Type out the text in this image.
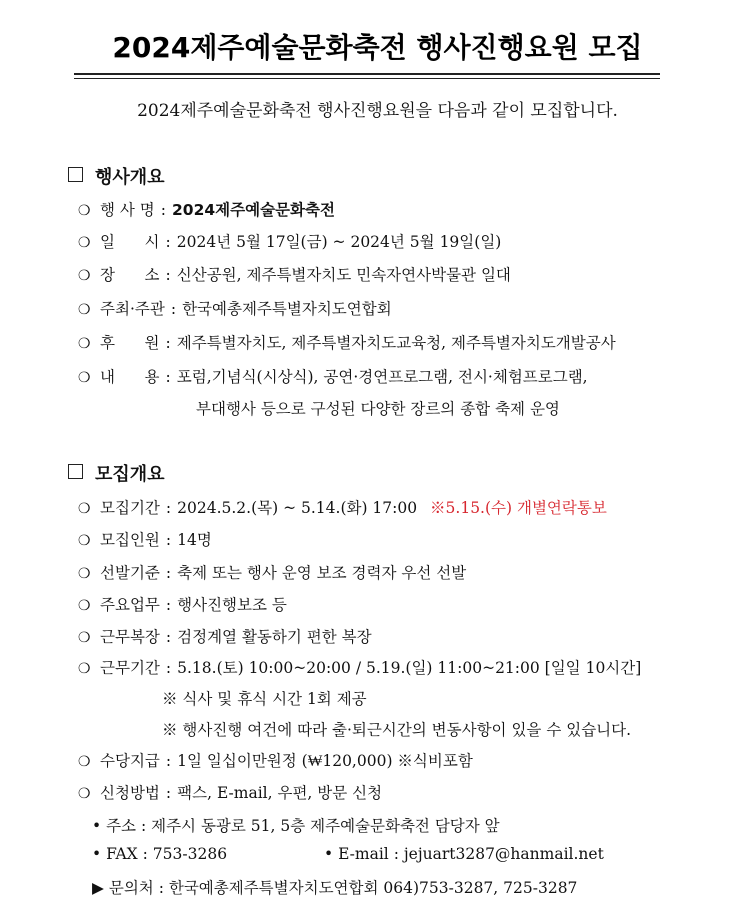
2024제주예술문화축전 행사진행요원 모집
2024제주예술문화축전 행사진행요원을 다음과 같이 모집합니다.
행사개요
❍ 행 사 명 : 2024제주예술문화축전
❍ 일      시 : 2024년 5월 17일(금) ~ 2024년 5월 19일(일)
❍ 장      소 : 신산공원, 제주특별자치도 민속자연사박물관 일대
❍ 주최·주관 : 한국예총제주특별자치도연합회
❍ 후      원 : 제주특별자치도, 제주특별자치도교육청, 제주특별자치도개발공사
❍ 내      용 : 포럼,기념식(시상식), 공연·경연프로그램, 전시·체험프로그램,
부대행사 등으로 구성된 다양한 장르의 종합 축제 운영
모집개요
❍ 모집기간 : 2024.5.2.(목) ~ 5.14.(화) 17:00 ※5.15.(수) 개별연락통보
❍ 모집인원 : 14명
❍ 선발기준 : 축제 또는 행사 운영 보조 경력자 우선 선발
❍ 주요업무 : 행사진행보조 등
❍ 근무복장 : 검정계열 활동하기 편한 복장
❍ 근무기간 : 5.18.(토) 10:00~20:00 / 5.19.(일) 11:00~21:00 [일일 10시간]
※ 식사 및 휴식 시간 1회 제공
※ 행사진행 여건에 따라 출·퇴근시간의 변동사항이 있을 수 있습니다.
❍ 수당지급 : 1일 일십이만원정 (₩120,000) ※식비포함
❍ 신청방법 : 팩스, E-mail, 우편, 방문 신청
• 주소 : 제주시 동광로 51, 5층 제주예술문화축전 담당자 앞
• FAX : 753-3286	• E-mail : jejuart3287@hanmail.net
▶ 문의처 : 한국예총제주특별자치도연합회 064)753-3287, 725-3287
